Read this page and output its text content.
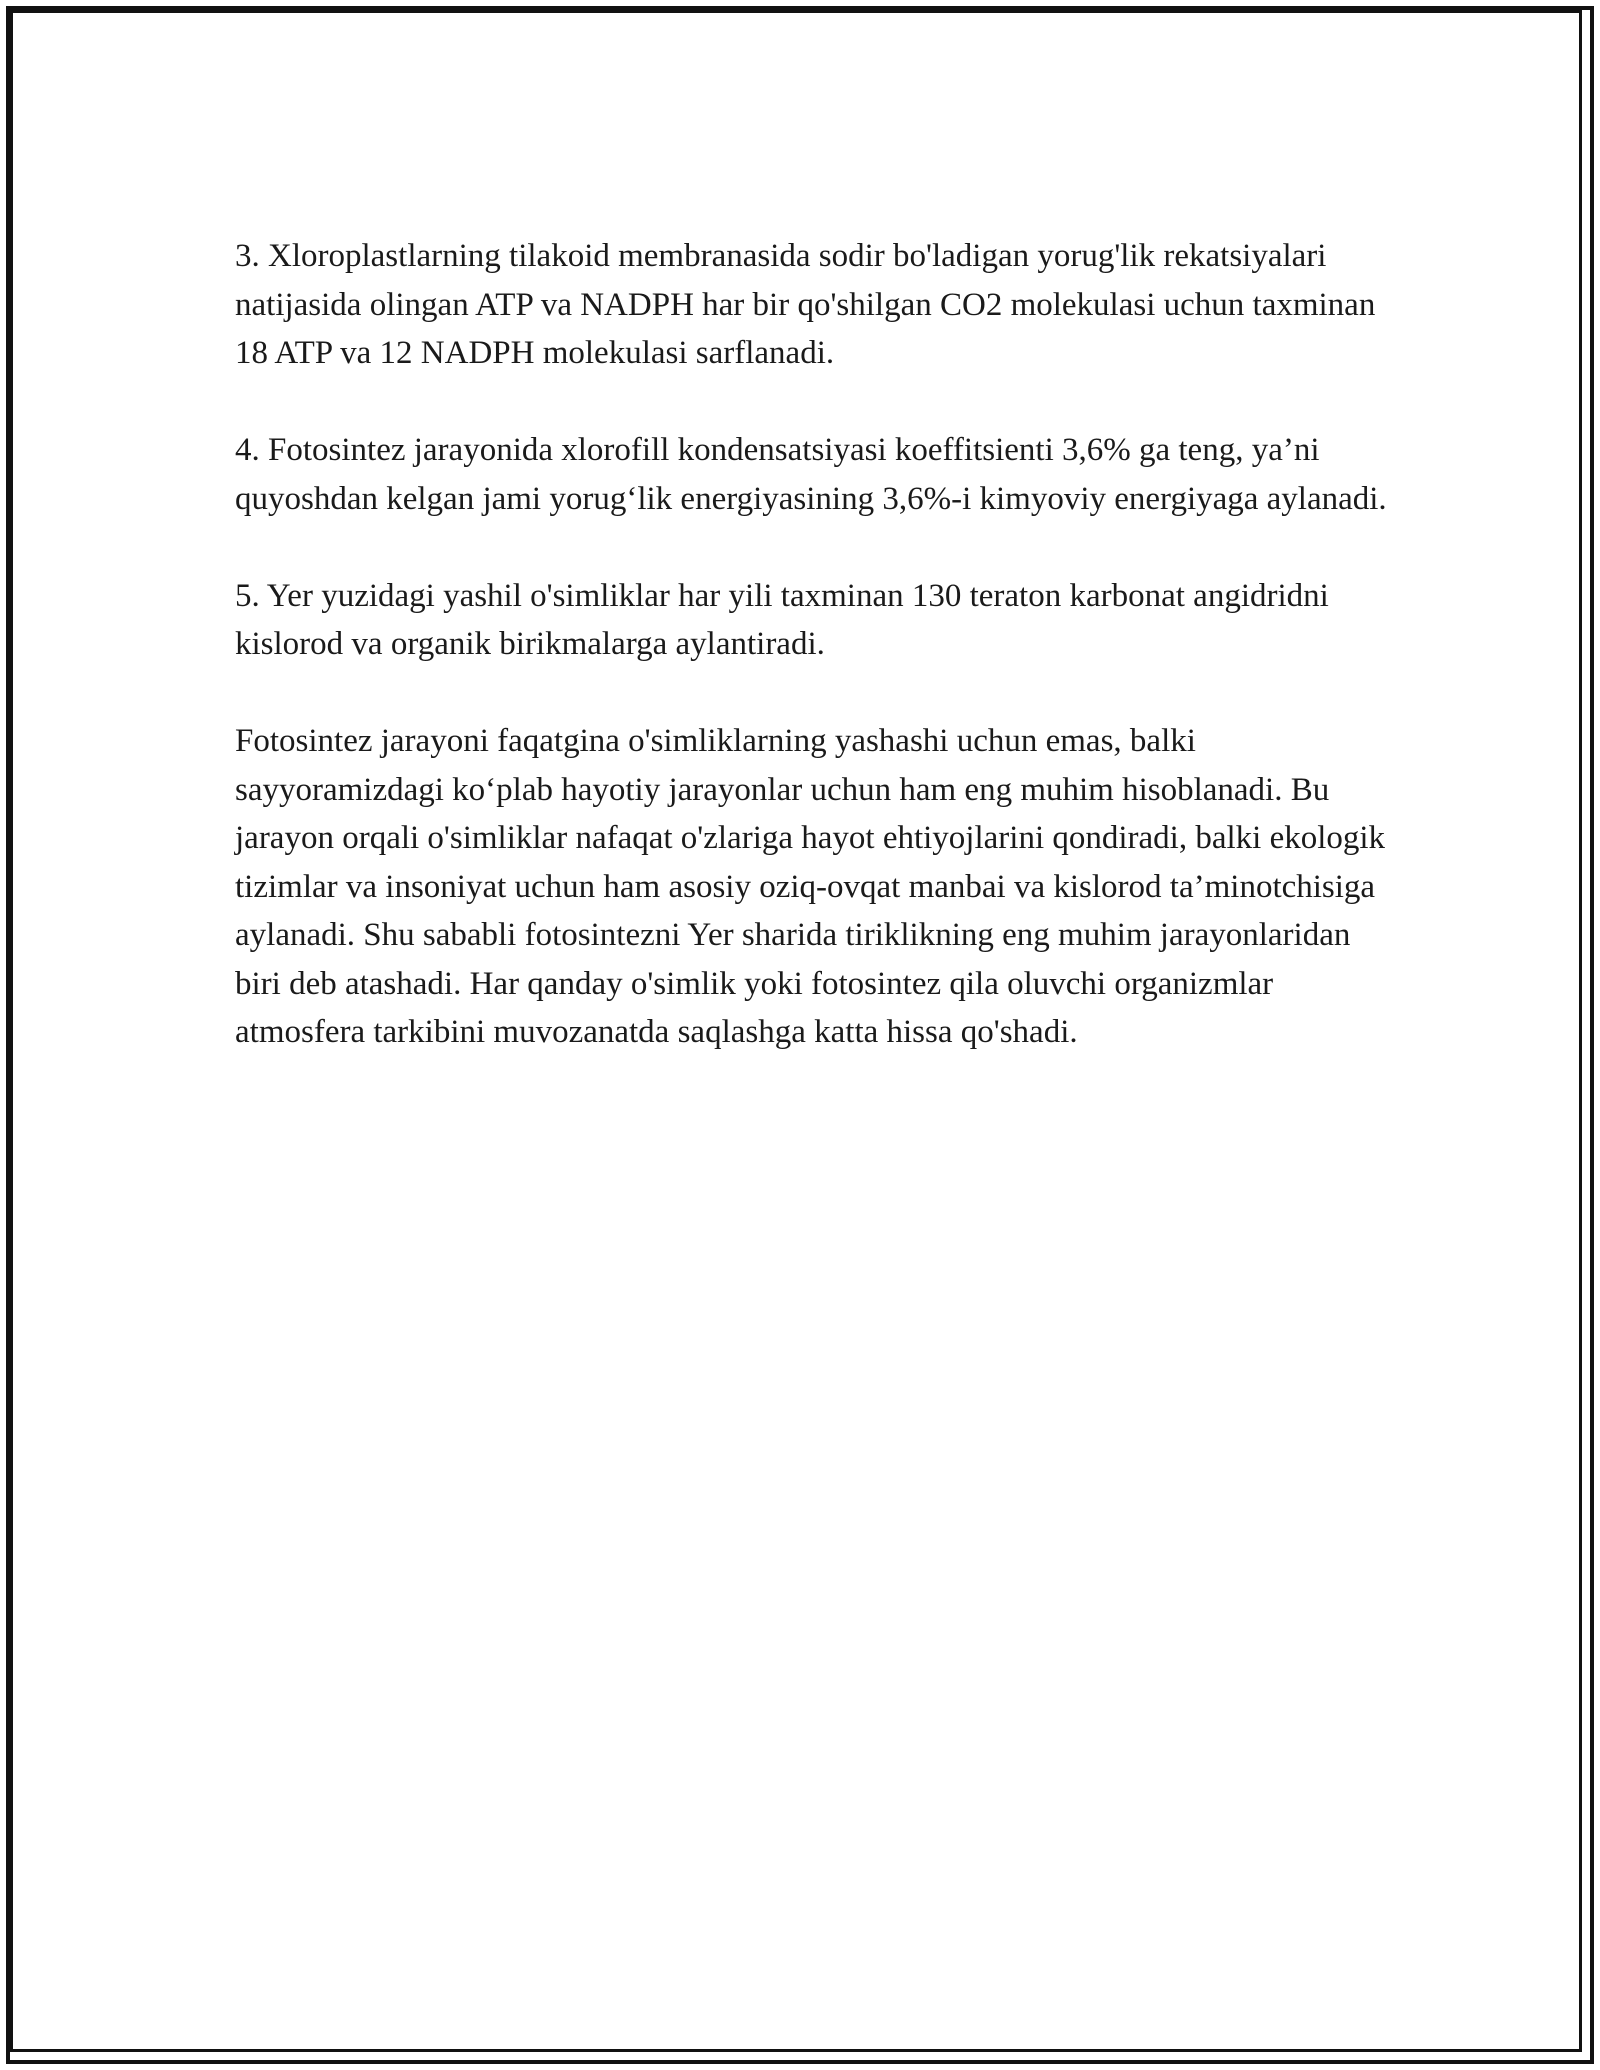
3. Xloroplastlarning tilakoid membranasida sodir bo'ladigan yorug'lik rekatsiyalari natijasida olingan ATP va NADPH har bir qo'shilgan CO2 molekulasi uchun taxminan 18 ATP va 12 NADPH molekulasi sarflanadi.

4. Fotosintez jarayonida xlorofill kondensatsiyasi koeffitsienti 3,6% ga teng, ya’ni quyoshdan kelgan jami yorug‘lik energiyasining 3,6%-i kimyoviy energiyaga aylanadi.

5. Yer yuzidagi yashil o'simliklar har yili taxminan 130 teraton karbonat angidridni kislorod va organik birikmalarga aylantiradi.

Fotosintez jarayoni faqatgina o'simliklarning yashashi uchun emas, balki sayyoramizdagi ko‘plab hayotiy jarayonlar uchun ham eng muhim hisoblanadi. Bu jarayon orqali o'simliklar nafaqat o'zlariga hayot ehtiyojlarini qondiradi, balki ekologik tizimlar va insoniyat uchun ham asosiy oziq-ovqat manbai va kislorod ta’minotchisiga aylanadi. Shu sababli fotosintezni Yer sharida tiriklikning eng muhim jarayonlaridan biri deb atashadi. Har qanday o'simlik yoki fotosintez qila oluvchi organizmlar atmosfera tarkibini muvozanatda saqlashga katta hissa qo'shadi.
